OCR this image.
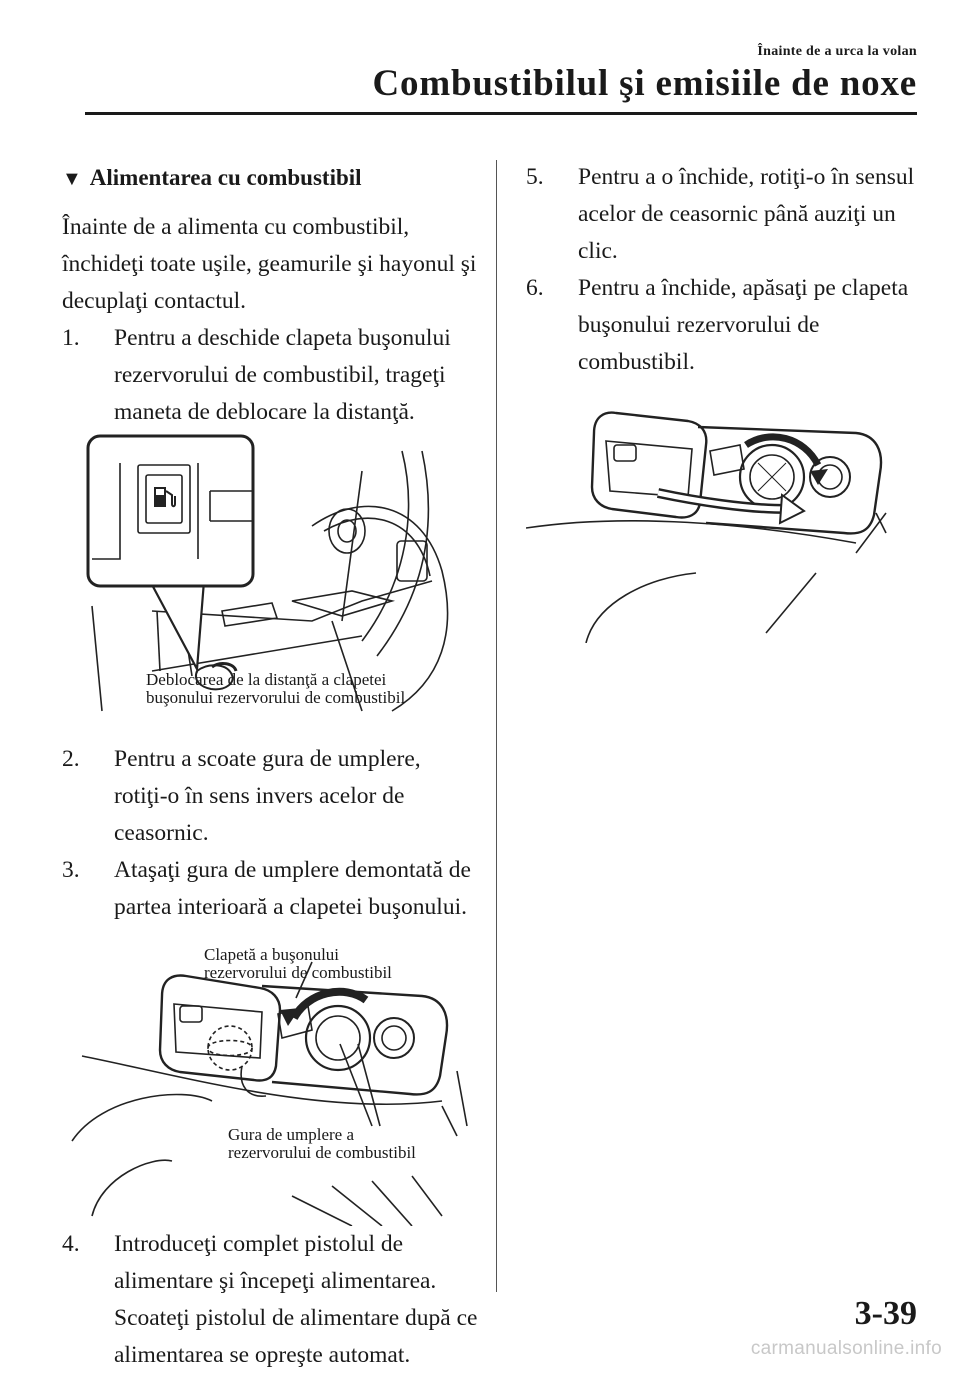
Înainte de a urca la volan
Combustibilul şi emisiile de noxe
▼ Alimentarea cu combustibil

Înainte de a alimenta cu combustibil, închideţi toate uşile, geamurile şi hayonul şi decuplaţi contactul.

1. Pentru a deschide clapeta buşonului rezervorului de combustibil, trageţi maneta de deblocare la distanţă.
Deblocarea de la distanţă a clapetei
buşonului rezervorului de combustibil
2. Pentru a scoate gura de umplere, rotiţi-o în sens invers acelor de ceasornic.
3. Ataşaţi gura de umplere demontată de partea interioară a clapetei buşonului.
Clapetă a buşonului
rezervorului de combustibil
Gura de umplere a
rezervorului de combustibil
4. Introduceţi complet pistolul de alimentare şi începeţi alimentarea. Scoateţi pistolul de alimentare după ce alimentarea se opreşte automat.
5. Pentru a o închide, rotiţi-o în sensul acelor de ceasornic până auziţi un clic.
6. Pentru a închide, apăsaţi pe clapeta buşonului rezervorului de combustibil.
3-39
carmanualsonline.info
